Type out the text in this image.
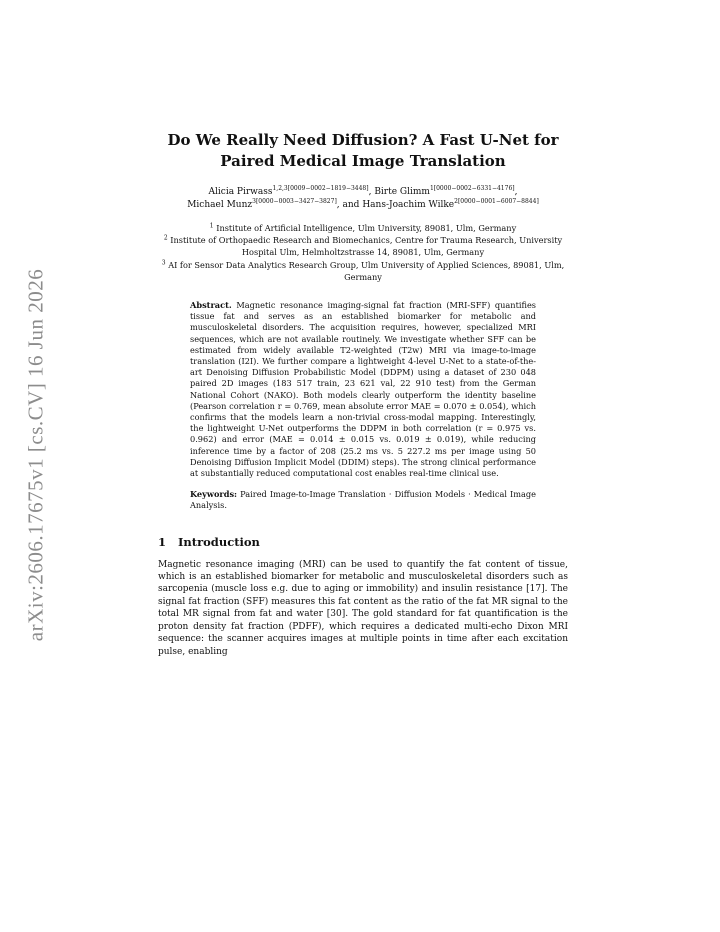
arXiv:2606.17675v1 [cs.CV] 16 Jun 2026
Do We Really Need Diffusion? A Fast U-Net for Paired Medical Image Translation
Alicia Pirwass$^{1,2,3[0009-0002-1819-3448]}$, Birte Glimm$^{1[0000-0002-6331-4176]}$,
Michael Munz$^{3[0000-0003-3427-3827]}$, and Hans-Joachim Wilke$^{2[0000-0001-6007-8844]}$
$^1$ Institute of Artificial Intelligence, Ulm University, 89081, Ulm, Germany
$^2$ Institute of Orthopaedic Research and Biomechanics, Centre for Trauma Research, University Hospital Ulm, Helmholtzstrasse 14, 89081, Ulm, Germany
$^3$ AI for Sensor Data Analytics Research Group, Ulm University of Applied Sciences, 89081, Ulm, Germany
Abstract. Magnetic resonance imaging-signal fat fraction (MRI-SFF) quantifies tissue fat and serves as an established biomarker for metabolic and musculoskeletal disorders. The acquisition requires, however, specialized MRI sequences, which are not available routinely. We investigate whether SFF can be estimated from widely available T2-weighted (T2w) MRI via image-to-image translation (I2I). We further compare a lightweight 4-level U-Net to a state-of-the-art Denoising Diffusion Probabilistic Model (DDPM) using a dataset of 230 048 paired 2D images (183 517 train, 23 621 val, 22 910 test) from the German National Cohort (NAKO). Both models clearly outperform the identity baseline (Pearson correlation r = 0.769, mean absolute error MAE = 0.070 ± 0.054), which confirms that the models learn a non-trivial cross-modal mapping. Interestingly, the lightweight U-Net outperforms the DDPM in both correlation (r = 0.975 vs. 0.962) and error (MAE = 0.014 ± 0.015 vs. 0.019 ± 0.019), while reducing inference time by a factor of 208 (25.2 ms vs. 5 227.2 ms per image using 50 Denoising Diffusion Implicit Model (DDIM) steps). The strong clinical performance at substantially reduced computational cost enables real-time clinical use.
Keywords: Paired Image-to-Image Translation · Diffusion Models · Medical Image Analysis.
1 Introduction
Magnetic resonance imaging (MRI) can be used to quantify the fat content of tissue, which is an established biomarker for metabolic and musculoskeletal disorders such as sarcopenia (muscle loss e.g. due to aging or immobility) and insulin resistance [17]. The signal fat fraction (SFF) measures this fat content as the ratio of the fat MR signal to the total MR signal from fat and water [30]. The gold standard for fat quantification is the proton density fat fraction (PDFF), which requires a dedicated multi-echo Dixon MRI sequence: the scanner acquires images at multiple points in time after each excitation pulse, enabling
